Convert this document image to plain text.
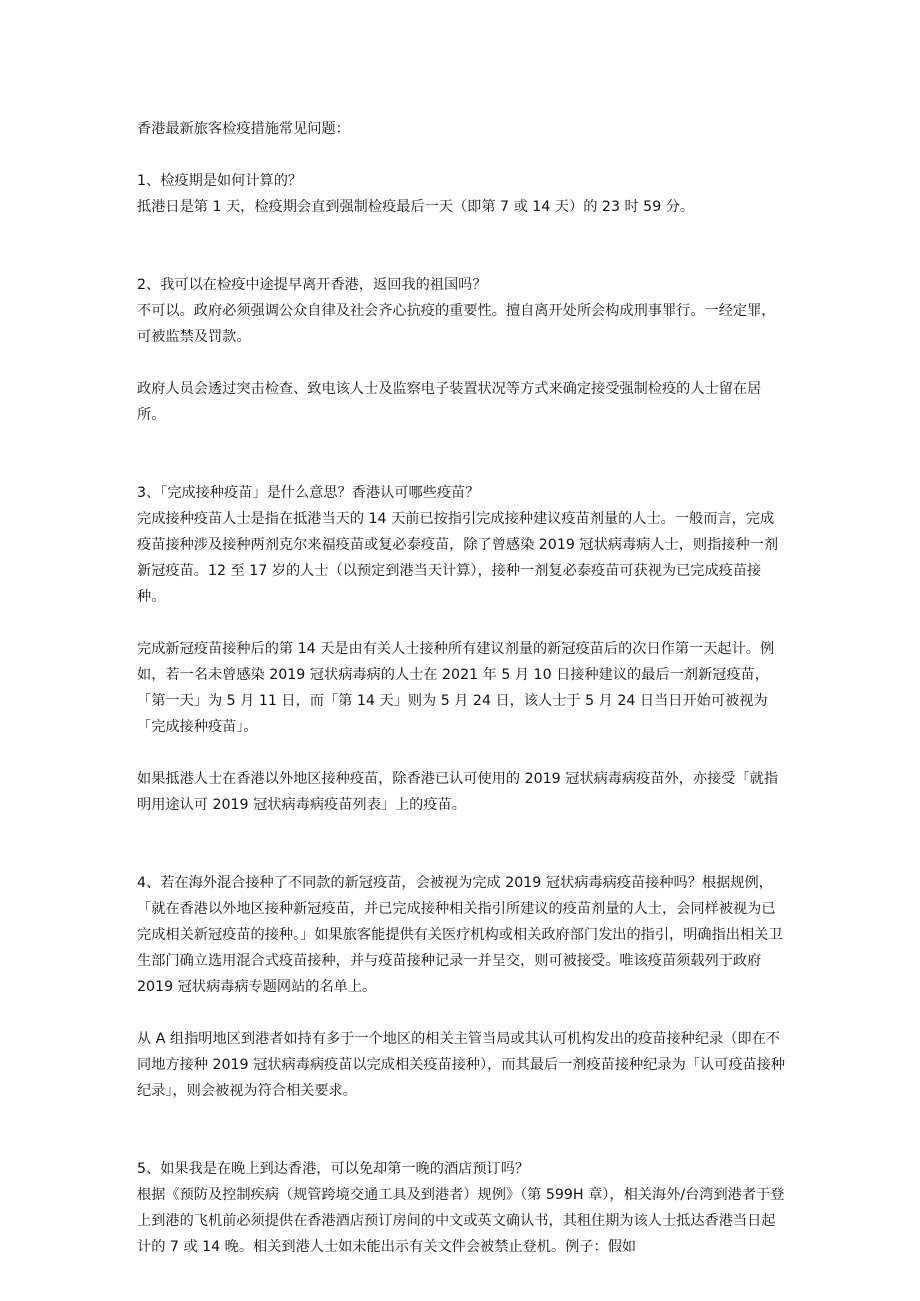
香港最新旅客检疫措施常见问题：

1、检疫期是如何计算的？

抵港日是第 1 天，检疫期会直到强制检疫最后一天（即第 7 或 14 天）的 23 时 59 分。

2、我可以在检疫中途提早离开香港，返回我的祖国吗？

不可以。政府必须强调公众自律及社会齐心抗疫的重要性。擅自离开处所会构成刑事罪行。一经定罪，可被监禁及罚款。

政府人员会透过突击检查、致电该人士及监察电子装置状况等方式来确定接受强制检疫的人士留在居所。

3、「完成接种疫苗」是什么意思？香港认可哪些疫苗？

完成接种疫苗人士是指在抵港当天的 14 天前已按指引完成接种建议疫苗剂量的人士。一般而言，完成疫苗接种涉及接种两剂克尔来福疫苗或复必泰疫苗，除了曾感染 2019 冠状病毒病人士，则指接种一剂新冠疫苗。12 至 17 岁的人士（以预定到港当天计算），接种一剂复必泰疫苗可获视为已完成疫苗接种。

完成新冠疫苗接种后的第 14 天是由有关人士接种所有建议剂量的新冠疫苗后的次日作第一天起计。例如，若一名未曾感染 2019 冠状病毒病的人士在 2021 年 5 月 10 日接种建议的最后一剂新冠疫苗，「第一天」为 5 月 11 日，而「第 14 天」则为 5 月 24 日，该人士于 5 月 24 日当日开始可被视为「完成接种疫苗」。

如果抵港人士在香港以外地区接种疫苗，除香港已认可使用的 2019 冠状病毒病疫苗外，亦接受「就指明用途认可 2019 冠状病毒病疫苗列表」上的疫苗。

4、若在海外混合接种了不同款的新冠疫苗，会被视为完成 2019 冠状病毒病疫苗接种吗？根据规例，「就在香港以外地区接种新冠疫苗，并已完成接种相关指引所建议的疫苗剂量的人士，会同样被视为已完成相关新冠疫苗的接种。」如果旅客能提供有关医疗机构或相关政府部门发出的指引，明确指出相关卫生部门确立选用混合式疫苗接种，并与疫苗接种记录一并呈交，则可被接受。唯该疫苗须载列于政府 2019 冠状病毒病专题网站的名单上。

从 A 组指明地区到港者如持有多于一个地区的相关主管当局或其认可机构发出的疫苗接种纪录（即在不同地方接种 2019 冠状病毒病疫苗以完成相关疫苗接种），而其最后一剂疫苗接种纪录为「认可疫苗接种纪录」，则会被视为符合相关要求。

5、如果我是在晚上到达香港，可以免却第一晚的酒店预订吗？

根据《预防及控制疾病（规管跨境交通工具及到港者）规例》（第 599H 章），相关海外/台湾到港者于登上到港的飞机前必须提供在香港酒店预订房间的中文或英文确认书，其租住期为该人士抵达香港当日起计的 7 或 14 晚。相关到港人士如未能出示有关文件会被禁止登机。例子：假如
